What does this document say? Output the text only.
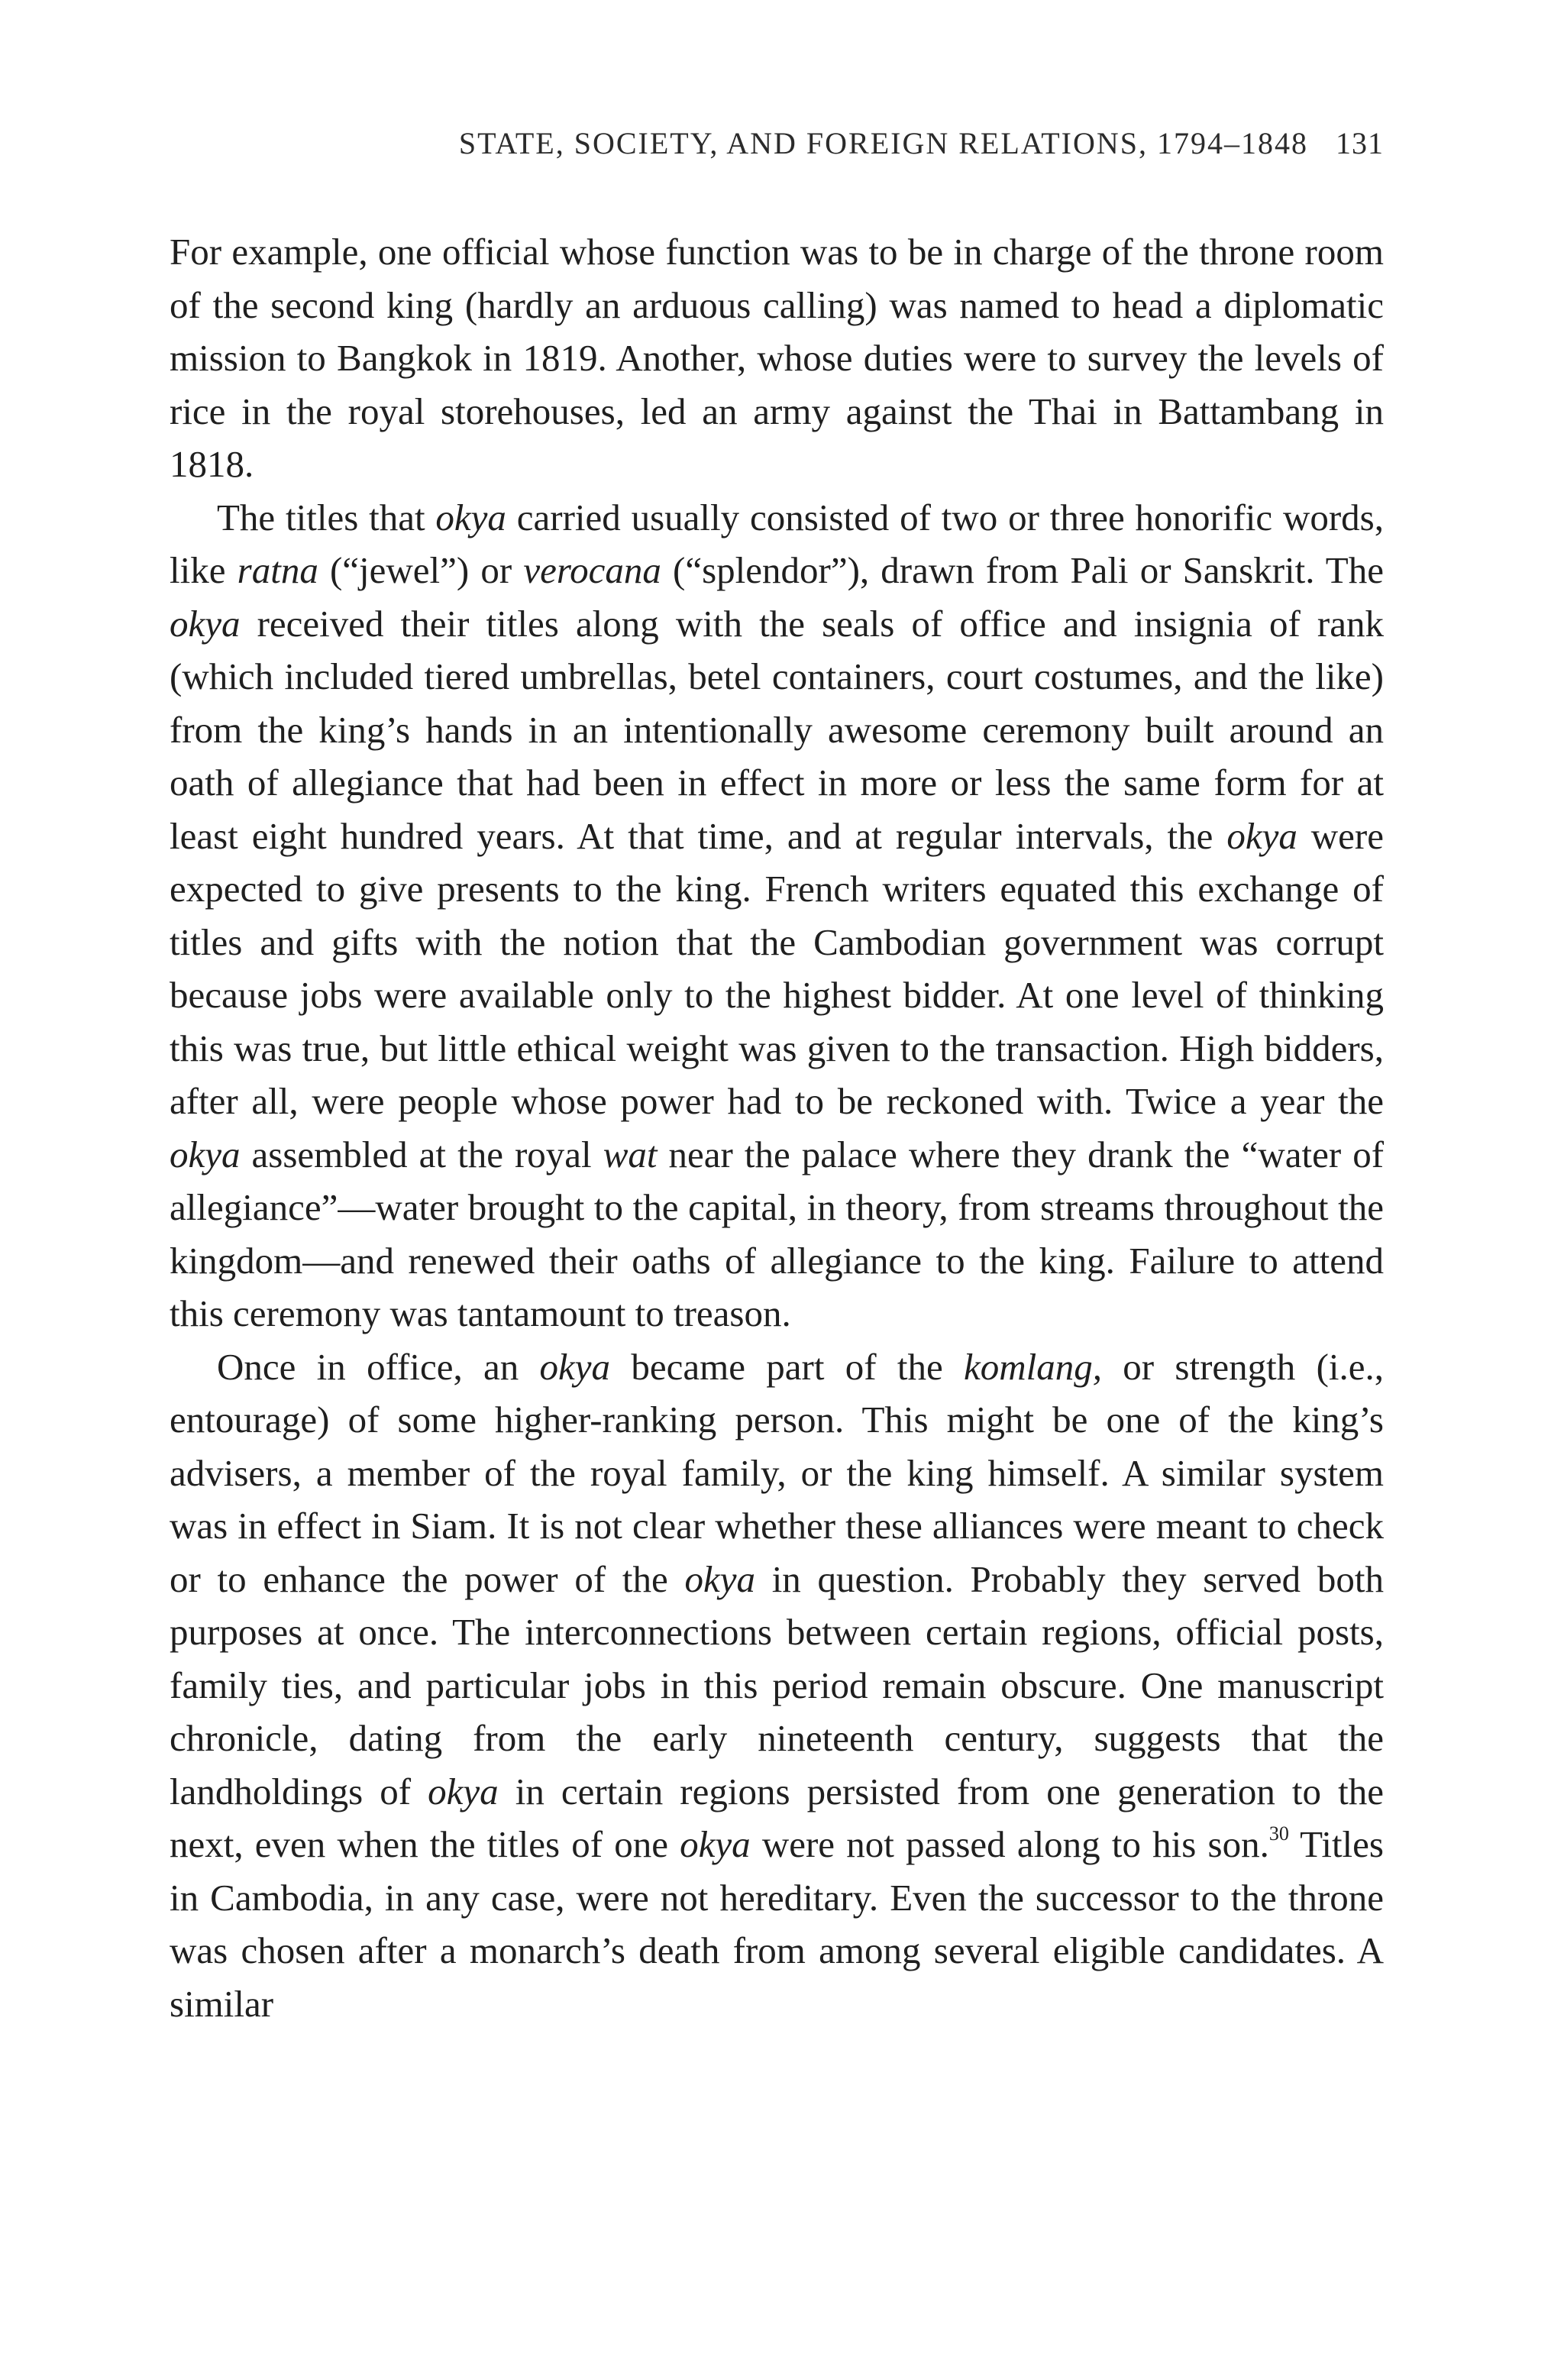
STATE, SOCIETY, AND FOREIGN RELATIONS, 1794–1848 131

For example, one official whose function was to be in charge of the throne room of the second king (hardly an arduous calling) was named to head a diplomatic mission to Bangkok in 1819. Another, whose duties were to survey the levels of rice in the royal storehouses, led an army against the Thai in Battambang in 1818.

The titles that okya carried usually consisted of two or three honorific words, like ratna (“jewel”) or verocana (“splendor”), drawn from Pali or Sanskrit. The okya received their titles along with the seals of office and insignia of rank (which included tiered umbrellas, betel containers, court costumes, and the like) from the king’s hands in an intentionally awesome ceremony built around an oath of allegiance that had been in effect in more or less the same form for at least eight hundred years. At that time, and at regular intervals, the okya were expected to give presents to the king. French writers equated this exchange of titles and gifts with the notion that the Cambodian government was corrupt because jobs were available only to the highest bidder. At one level of thinking this was true, but little ethical weight was given to the transaction. High bidders, after all, were people whose power had to be reckoned with. Twice a year the okya assembled at the royal wat near the palace where they drank the “water of allegiance”—water brought to the capital, in theory, from streams throughout the kingdom—and renewed their oaths of allegiance to the king. Failure to attend this ceremony was tantamount to treason.

Once in office, an okya became part of the komlang, or strength (i.e., entourage) of some higher-ranking person. This might be one of the king’s advisers, a member of the royal family, or the king himself. A similar system was in effect in Siam. It is not clear whether these alliances were meant to check or to enhance the power of the okya in question. Probably they served both purposes at once. The interconnections between certain regions, official posts, family ties, and particular jobs in this period remain obscure. One manuscript chronicle, dating from the early nineteenth century, suggests that the landholdings of okya in certain regions persisted from one generation to the next, even when the titles of one okya were not passed along to his son.$^{30}$ Titles in Cambodia, in any case, were not hereditary. Even the successor to the throne was chosen after a monarch’s death from among several eligible candidates. A similar
